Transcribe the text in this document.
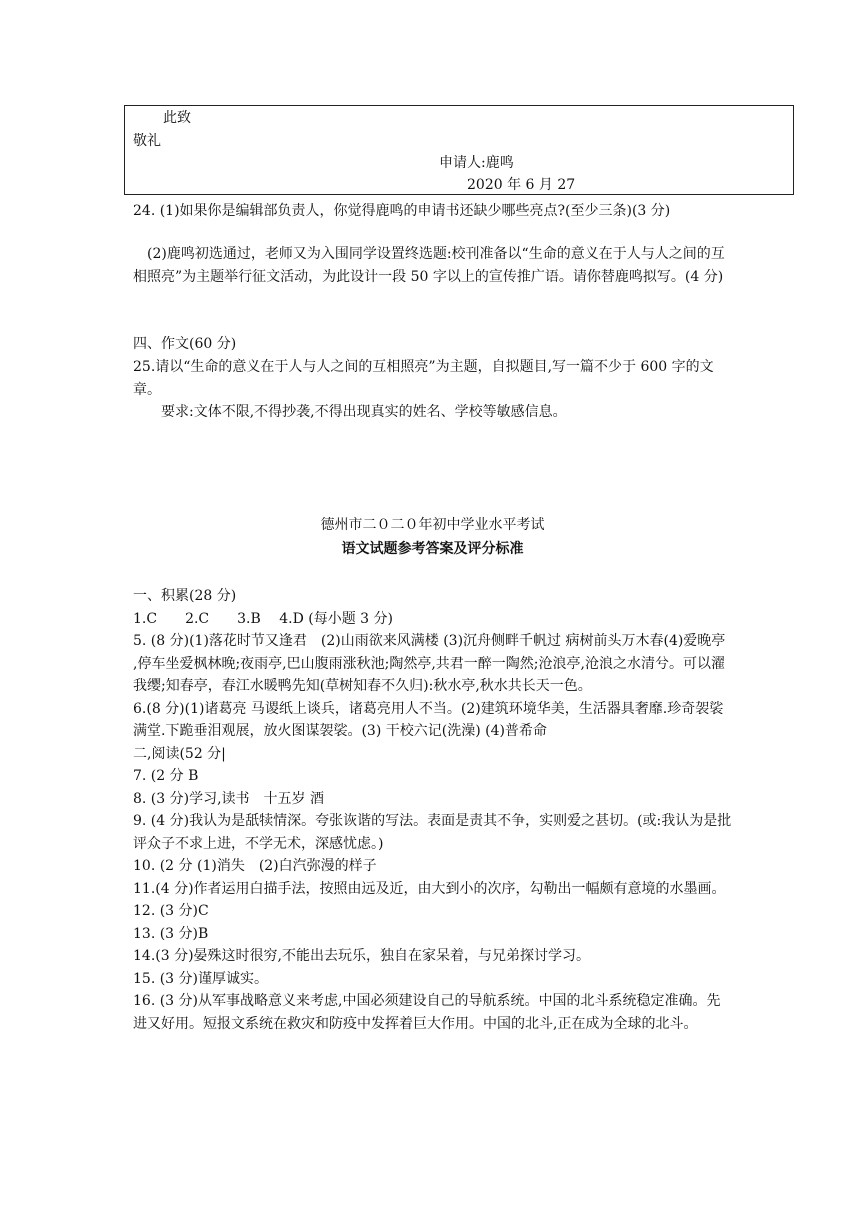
此致
敬礼
申请人:鹿鸣
2020 年 6 月 27

24. (1)如果你是编辑部负责人，你觉得鹿鸣的申请书还缺少哪些亮点?(至少三条)(3 分)

(2)鹿鸣初选通过，老师又为入围同学设置终选题:校刊准备以“生命的意义在于人与人之间的互相照亮”为主题举行征文活动，为此设计一段 50 字以上的宣传推广语。请你替鹿鸣拟写。(4 分)

四、作文(60 分)

25.请以“生命的意义在于人与人之间的互相照亮”为主题，自拟题目,写一篇不少于 600 字的文章。

要求:文体不限,不得抄袭,不得出现真实的姓名、学校等敏感信息。

德州市二０二０年初中学业水平考试
语文试题参考答案及评分标准

一、积累(28 分)

1.C　　2.C　　3.B　 4.D (每小题 3 分)

5. (8 分)(1)落花时节又逢君　(2)山雨欲来风满楼 (3)沉舟侧畔千帆过 病树前头万木春(4)爱晚亭 ,停车坐爱枫林晚;夜雨亭,巴山腹雨涨秋池;陶然亭,共君一醉一陶然;沧浪亭,沧浪之水清兮。可以濯我缨;知春亭，春江水暖鸭先知(草树知春不久归):秋水亭,秋水共长天一色。

6.(8 分)(1)诸葛亮 马谡纸上谈兵，诸葛亮用人不当。(2)建筑环境华美，生活器具奢靡.珍奇袈裟满堂.下跪垂泪观展，放火图谋袈裟。(3) 干校六记(洗澡) (4)普希命

二,阅读(52 分|

7. (2 分 B

8. (3 分)学习,读书　十五岁 酒

9. (4 分)我认为是舐犊情深。夸张诙谐的写法。表面是责其不争，实则爱之甚切。(或:我认为是批评众子不求上进，不学无术，深感忧虑。)

10. (2 分 (1)消失　(2)白汽弥漫的样子

11.(4 分)作者运用白描手法，按照由远及近，由大到小的次序，勾勒出一幅颇有意境的水墨画。

12. (3 分)C

13. (3 分)B

14.(3 分)晏殊这时很穷,不能出去玩乐，独自在家呆着，与兄弟探讨学习。

15. (3 分)谨厚诚实。

16. (3 分)从军事战略意义来考虑,中国必须建设自己的导航系统。中国的北斗系统稳定准确。先进又好用。短报文系统在救灾和防疫中发挥着巨大作用。中国的北斗,正在成为全球的北斗。
